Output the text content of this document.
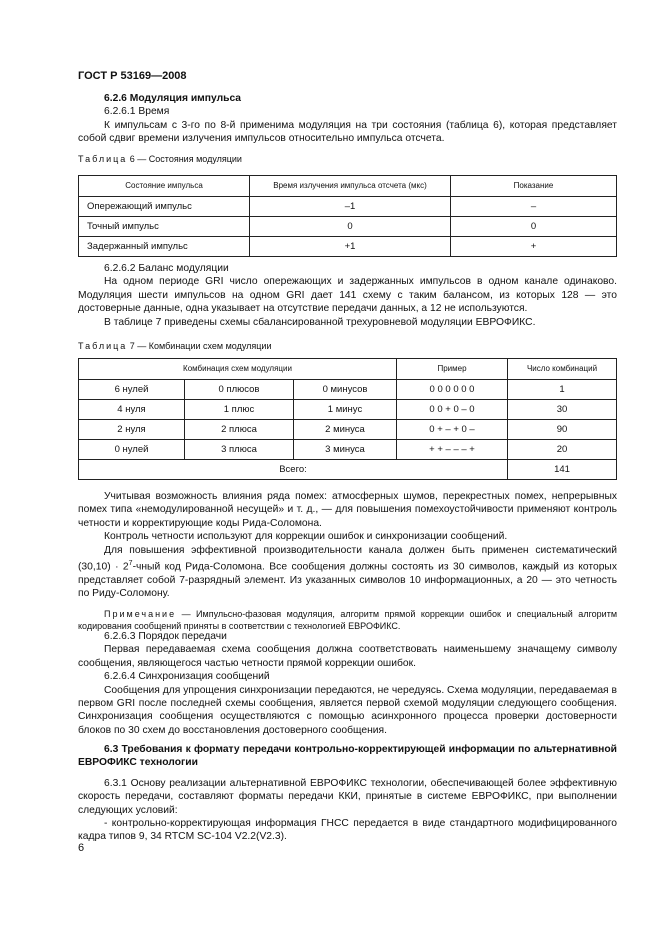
ГОСТ Р 53169—2008

6.2.6 Модуляция импульса

6.2.6.1 Время

К импульсам с 3-го по 8-й применима модуляция на три состояния (таблица 6), которая представляет собой сдвиг времени излучения импульсов относительно импульса отсчета.

Таблица 6 — Состояния модуляции

Состояние импульса	Время излучения импульса отсчета (мкс)	Показание
Опережающий импульс	–1	–
Точный импульс	0	0
Задержанный импульс	+1	+

6.2.6.2 Баланс модуляции

На одном периоде GRI число опережающих и задержанных импульсов в одном канале одинаково. Модуляция шести импульсов на одном GRI дает 141 схему с таким балансом, из которых 128 — это достоверные данные, одна указывает на отсутствие передачи данных, а 12 не используются.

В таблице 7 приведены схемы сбалансированной трехуровневой модуляции ЕВРОФИКС.

Таблица 7 — Комбинации схем модуляции

Комбинация схем модуляции			Пример	Число комбинаций
6 нулей	0 плюсов	0 минусов	0 0 0 0 0 0	1
4 нуля	1 плюс	1 минус	0 0 + 0 – 0	30
2 нуля	2 плюса	2 минуса	0 + – + 0 –	90
0 нулей	3 плюса	3 минуса	+ + – – – +	20
Всего:				141

Учитывая возможность влияния ряда помех: атмосферных шумов, перекрестных помех, непрерывных помех типа «немодулированной несущей» и т. д., — для повышения помехоустойчивости применяют контроль четности и корректирующие коды Рида-Соломона.

Контроль четности используют для коррекции ошибок и синхронизации сообщений.

Для повышения эффективной производительности канала должен быть применен систематический $(30,10) \cdot 2^7$-чный код Рида-Соломона. Все сообщения должны состоять из 30 символов, каждый из которых представляет собой 7-разрядный элемент. Из указанных символов 10 информационных, а 20 — это четность по Риду-Соломону.

Примечание — Импульсно-фазовая модуляция, алгоритм прямой коррекции ошибок и специальный алгоритм кодирования сообщений приняты в соответствии с технологией ЕВРОФИКС.

6.2.6.3 Порядок передачи

Первая передаваемая схема сообщения должна соответствовать наименьшему значащему символу сообщения, являющегося частью четности прямой коррекции ошибок.

6.2.6.4 Синхронизация сообщений

Сообщения для упрощения синхронизации передаются, не чередуясь. Схема модуляции, передаваемая в первом GRI после последней схемы сообщения, является первой схемой модуляции следующего сообщения. Синхронизация сообщения осуществляются с помощью асинхронного процесса проверки достоверности блоков по 30 схем до восстановления достоверного сообщения.

6.3 Требования к формату передачи контрольно-корректирующей информации по альтернативной ЕВРОФИКС технологии

6.3.1 Основу реализации альтернативной ЕВРОФИКС технологии, обеспечивающей более эффективную скорость передачи, составляют форматы передачи ККИ, принятые в системе ЕВРОФИКС, при выполнении следующих условий:

- контрольно-корректирующая информация ГНСС передается в виде стандартного модифицированного кадра типов 9, 34 RTCM SC-104 V2.2(V2.3).

6
